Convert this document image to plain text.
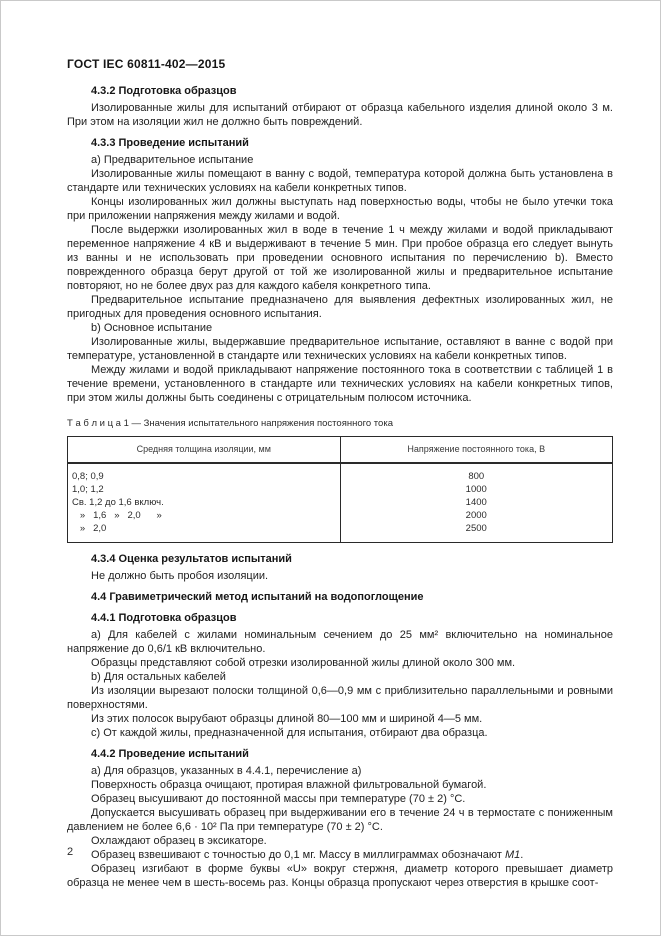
ГОСТ IEC 60811-402—2015

4.3.2 Подготовка образцов

Изолированные жилы для испытаний отбирают от образца кабельного изделия длиной около 3 м. При этом на изоляции жил не должно быть повреждений.

4.3.3 Проведение испытаний

a) Предварительное испытание

Изолированные жилы помещают в ванну с водой, температура которой должна быть установлена в стандарте или технических условиях на кабели конкретных типов.

Концы изолированных жил должны выступать над поверхностью воды, чтобы не было утечки тока при приложении напряжения между жилами и водой.

После выдержки изолированных жил в воде в течение 1 ч между жилами и водой прикладывают переменное напряжение 4 кВ и выдерживают в течение 5 мин. При пробое образца его следует вынуть из ванны и не использовать при проведении основного испытания по перечислению b). Вместо поврежденного образца берут другой от той же изолированной жилы и предварительное испытание повторяют, но не более двух раз для каждого кабеля конкретного типа.

Предварительное испытание предназначено для выявления дефектных изолированных жил, не пригодных для проведения основного испытания.

b) Основное испытание

Изолированные жилы, выдержавшие предварительное испытание, оставляют в ванне с водой при температуре, установленной в стандарте или технических условиях на кабели конкретных типов.

Между жилами и водой прикладывают напряжение постоянного тока в соответствии с таблицей 1 в течение времени, установленного в стандарте или технических условиях на кабели конкретных типов, при этом жилы должны быть соединены с отрицательным полюсом источника.

Т а б л и ц а 1 — Значения испытательного напряжения постоянного тока
Средняя толщина изоляции, мм	Напряжение постоянного тока, В
0,8; 0,9	800
1,0; 1,2	1000
Св. 1,2 до 1,6 включ.	1400
»   1,6   »   2,0      »	2000
»   2,0	2500

4.3.4 Оценка результатов испытаний

Не должно быть пробоя изоляции.

4.4 Гравиметрический метод испытаний на водопоглощение

4.4.1 Подготовка образцов

a) Для кабелей с жилами номинальным сечением до 25 мм² включительно на номинальное напряжение до 0,6/1 кВ включительно.

Образцы представляют собой отрезки изолированной жилы длиной около 300 мм.

b) Для остальных кабелей

Из изоляции вырезают полоски толщиной 0,6—0,9 мм с приблизительно параллельными и ровными поверхностями.

Из этих полосок вырубают образцы длиной 80—100 мм и шириной 4—5 мм.

c) От каждой жилы, предназначенной для испытания, отбирают два образца.

4.4.2 Проведение испытаний

a) Для образцов, указанных в 4.4.1, перечисление a)

Поверхность образца очищают, протирая влажной фильтровальной бумагой.

Образец высушивают до постоянной массы при температуре (70 ± 2) °С.

Допускается высушивать образец при выдерживании его в течение 24 ч в термостате с пониженным давлением не более 6,6 · 10² Па при температуре (70 ± 2) °С.

Охлаждают образец в эксикаторе.

Образец взвешивают с точностью до 0,1 мг. Массу в миллиграммах обозначают М1.

Образец изгибают в форме буквы «U» вокруг стержня, диаметр которого превышает диаметр образца не менее чем в шесть-восемь раз. Концы образца пропускают через отверстия в крышке соот-

2
